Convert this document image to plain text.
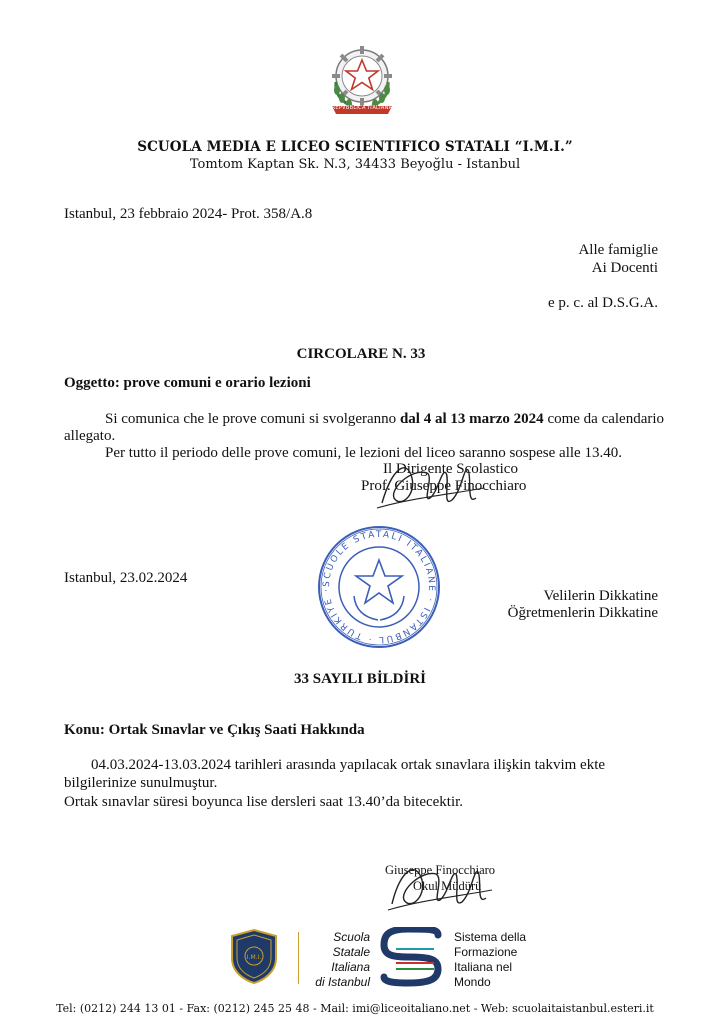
REPVBBLICA ITALIANA
SCUOLA MEDIA E LICEO SCIENTIFICO STATALI “I.M.I.”
Tomtom Kaptan Sk. N.3, 34433 Beyoğlu - Istanbul
Istanbul, 23 febbraio 2024- Prot. 358/A.8
Alle famiglie
Ai Docenti
e p. c. al D.S.G.A.
CIRCOLARE N. 33
Oggetto: prove comuni e orario lezioni
Si comunica che le prove comuni si svolgeranno dal 4 al 13 marzo 2024 come da calendario
allegato.
Per tutto il periodo delle prove comuni, le lezioni del liceo saranno sospese alle 13.40.
Il Dirigente Scolastico
Prof. Giuseppe Finocchiaro
SCUOLE STATALI ITALIANE · ISTANBUL · TÜRKİYE ·
Istanbul, 23.02.2024
Velilerin Dikkatine
Öğretmenlerin Dikkatine
33 SAYILI BİLDİRİ
Konu: Ortak Sınavlar ve Çıkış Saati Hakkında
04.03.2024-13.03.2024 tarihleri arasında yapılacak ortak sınavlara ilişkin takvim ekte
bilgilerinize sunulmuştur.
Ortak sınavlar süresi boyunca lise dersleri saat 13.40’da bitecektir.
Giuseppe Finocchiaro
Okul Müdürü
I.M.I.
Scuola
Statale
Italiana
di Istanbul
Sistema della
Formazione
Italiana nel
Mondo
Tel: (0212) 244 13 01 - Fax: (0212) 245 25 48 - Mail: imi@liceoitaliano.net - Web: scuolaitaistanbul.esteri.it
